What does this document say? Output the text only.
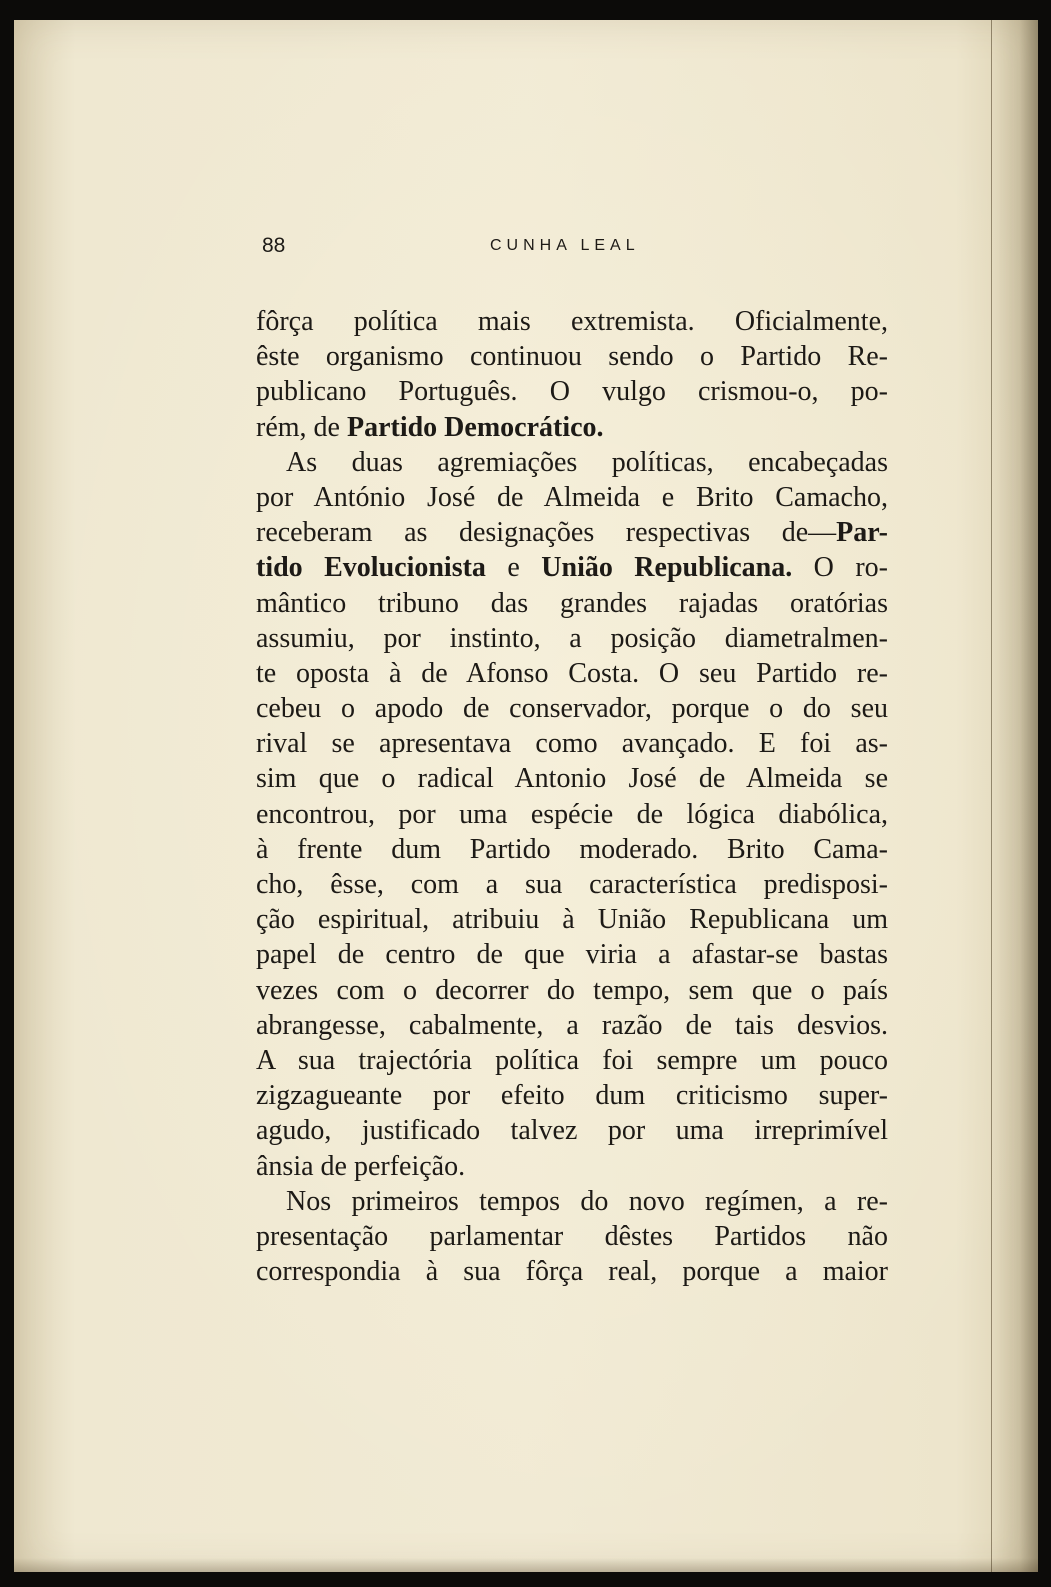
88	CUNHA LEAL
fôrça política mais extremista. Oficialmente,
êste organismo continuou sendo o Partido Re-
publicano Português. O vulgo crismou-o, po-
rém, de Partido Democrático.
As duas agremiações políticas, encabeçadas
por António José de Almeida e Brito Camacho,
receberam as designações respectivas de—Par-
tido Evolucionista e União Republicana. O ro-
mântico tribuno das grandes rajadas oratórias
assumiu, por instinto, a posição diametralmen-
te oposta à de Afonso Costa. O seu Partido re-
cebeu o apodo de conservador, porque o do seu
rival se apresentava como avançado. E foi as-
sim que o radical Antonio José de Almeida se
encontrou, por uma espécie de lógica diabólica,
à frente dum Partido moderado. Brito Cama-
cho, êsse, com a sua característica predisposi-
ção espiritual, atribuiu à União Republicana um
papel de centro de que viria a afastar-se bastas
vezes com o decorrer do tempo, sem que o país
abrangesse, cabalmente, a razão de tais desvios.
A sua trajectória política foi sempre um pouco
zigzagueante por efeito dum criticismo super-
agudo, justificado talvez por uma irreprimível
ânsia de perfeição.
Nos primeiros tempos do novo regímen, a re-
presentação parlamentar dêstes Partidos não
correspondia à sua fôrça real, porque a maior
